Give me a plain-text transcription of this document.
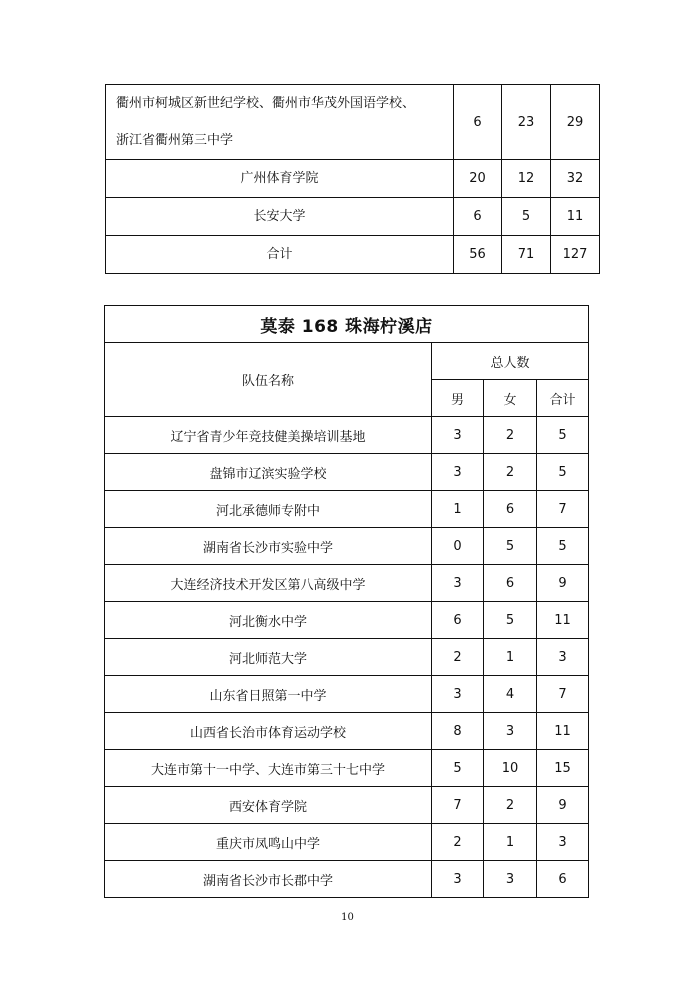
衢州市柯城区新世纪学校、衢州市华茂外国语学校、
浙江省衢州第三中学	6	23	29

广州体育学院	20	12	32

长安大学	6	5	11

合计	56	71	127
莫泰 168 珠海柠溪店			
队伍名称	总人数		
	男	女	合计
辽宁省青少年竞技健美操培训基地	3	2	5
盘锦市辽滨实验学校	3	2	5
河北承德师专附中	1	6	7
湖南省长沙市实验中学	0	5	5
大连经济技术开发区第八高级中学	3	6	9
河北衡水中学	6	5	11
河北师范大学	2	1	3
山东省日照第一中学	3	4	7
山西省长治市体育运动学校	8	3	11
大连市第十一中学、大连市第三十七中学	5	10	15
西安体育学院	7	2	9
重庆市凤鸣山中学	2	1	3
湖南省长沙市长郡中学	3	3	6
10
